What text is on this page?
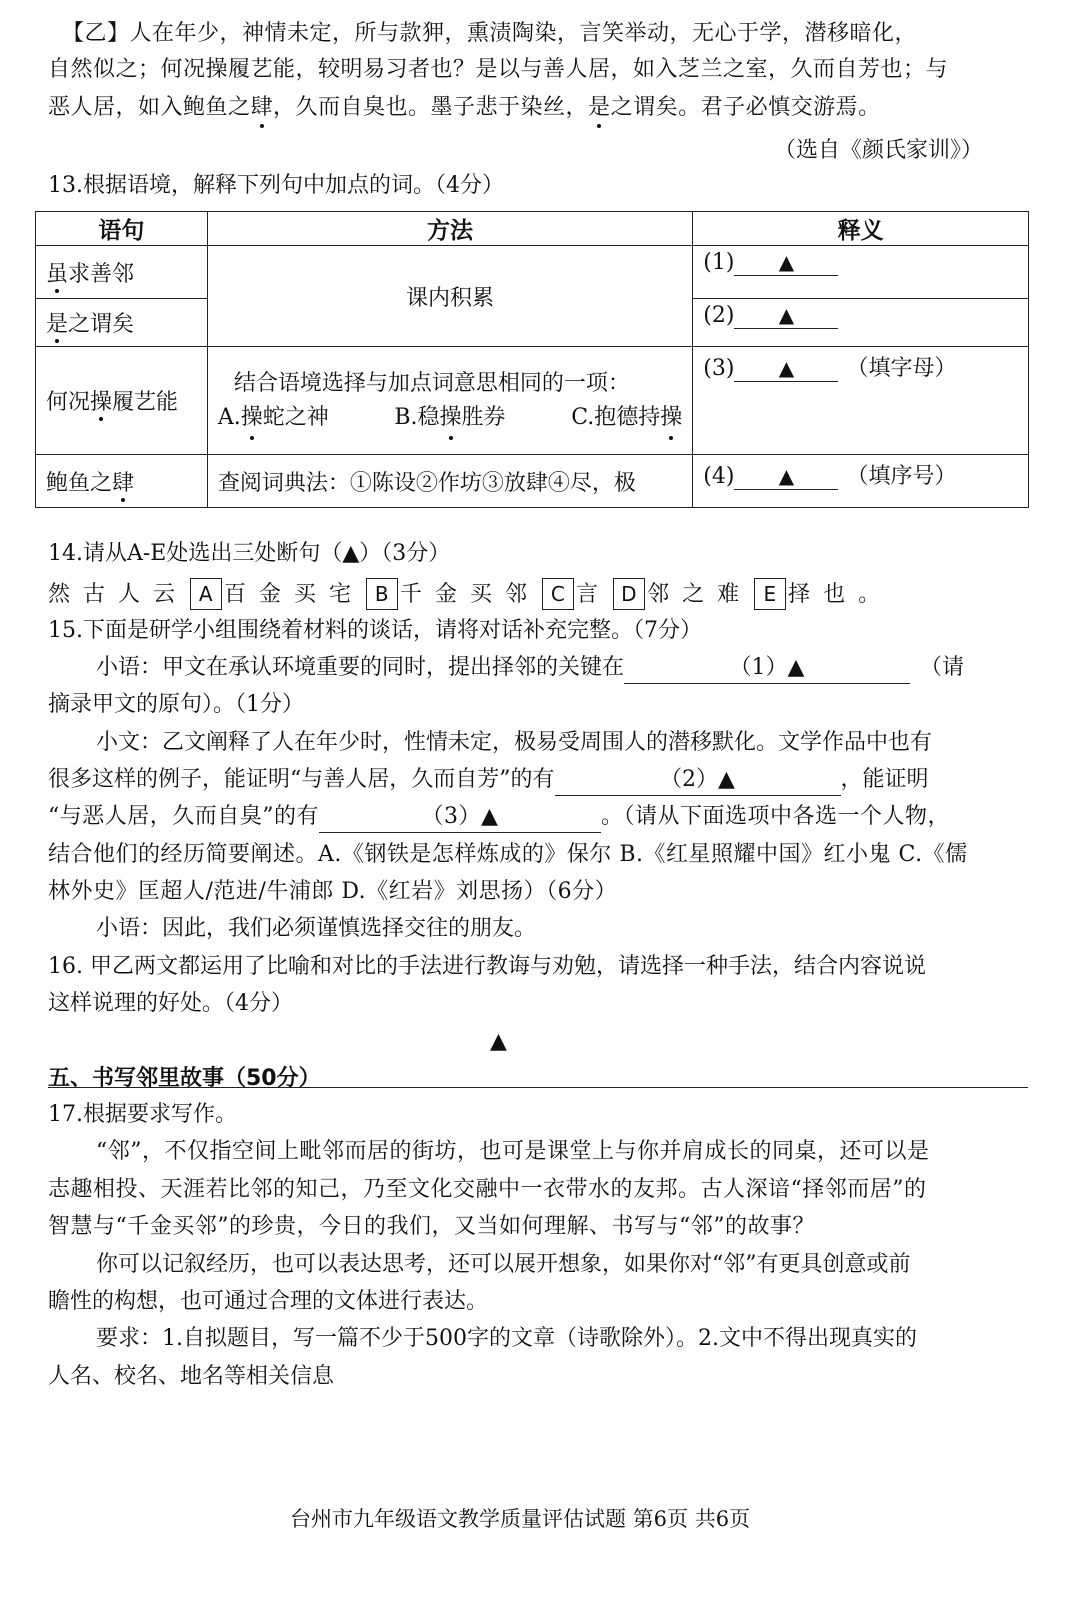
【乙】人在年少，神情未定，所与款狎，熏渍陶染，言笑举动，无心于学，潜移暗化，
自然似之；何况操履艺能，较明易习者也？是以与善人居，如入芝兰之室，久而自芳也；与
恶人居，如入鲍鱼之肆，久而自臭也。墨子悲于染丝，是之谓矣。君子必慎交游焉。
（选自《颜氏家训》）
13.根据语境，解释下列句中加点的词。（4分）
语句	方法	释义
虽求善邻	课内积累	(1) ▲
是之谓矣		(2) ▲
何况操履艺能	结合语境选择与加点词意思相同的一项：
A.操蛇之神 B.稳操胜券 C.抱德持操	(3) ▲ （填字母）
鲍鱼之肆	查阅词典法：①陈设②作坊③放肆④尽，极	(4) ▲ （填序号）
14.请从A-E处选出三处断句（▲）（3分）
然古人云 A 百金买宅 B 千金买邻 C 言 D 邻之难 E 择也。
15.下面是研学小组围绕着材料的谈话，请将对话补充完整。（7分）
小语：甲文在承认环境重要的同时，提出择邻的关键在	（1）▲	（请
摘录甲文的原句）。（1分）
小文：乙文阐释了人在年少时，性情未定，极易受周围人的潜移默化。文学作品中也有
很多这样的例子，能证明“与善人居，久而自芳”的有	（2）▲	，能证明
“与恶人居，久而自臭”的有	（3）▲	。（请从下面选项中各选一个人物，
结合他们的经历简要阐述。A.《钢铁是怎样炼成的》保尔 B.《红星照耀中国》红小鬼 C.《儒
林外史》匡超人/范进/牛浦郎 D.《红岩》刘思扬）（6分）
小语：因此，我们必须谨慎选择交往的朋友。
16. 甲乙两文都运用了比喻和对比的手法进行教诲与劝勉，请选择一种手法，结合内容说说
这样说理的好处。（4分）
▲
五、书写邻里故事（50分）
17.根据要求写作。
“邻”，不仅指空间上毗邻而居的街坊，也可是课堂上与你并肩成长的同桌，还可以是
志趣相投、天涯若比邻的知己，乃至文化交融中一衣带水的友邦。古人深谙“择邻而居”的
智慧与“千金买邻”的珍贵，今日的我们，又当如何理解、书写与“邻”的故事？
你可以记叙经历，也可以表达思考，还可以展开想象，如果你对“邻”有更具创意或前
瞻性的构想，也可通过合理的文体进行表达。
要求：1.自拟题目，写一篇不少于500字的文章（诗歌除外）。2.文中不得出现真实的
人名、校名、地名等相关信息
台州市九年级语文教学质量评估试题 第6页 共6页
